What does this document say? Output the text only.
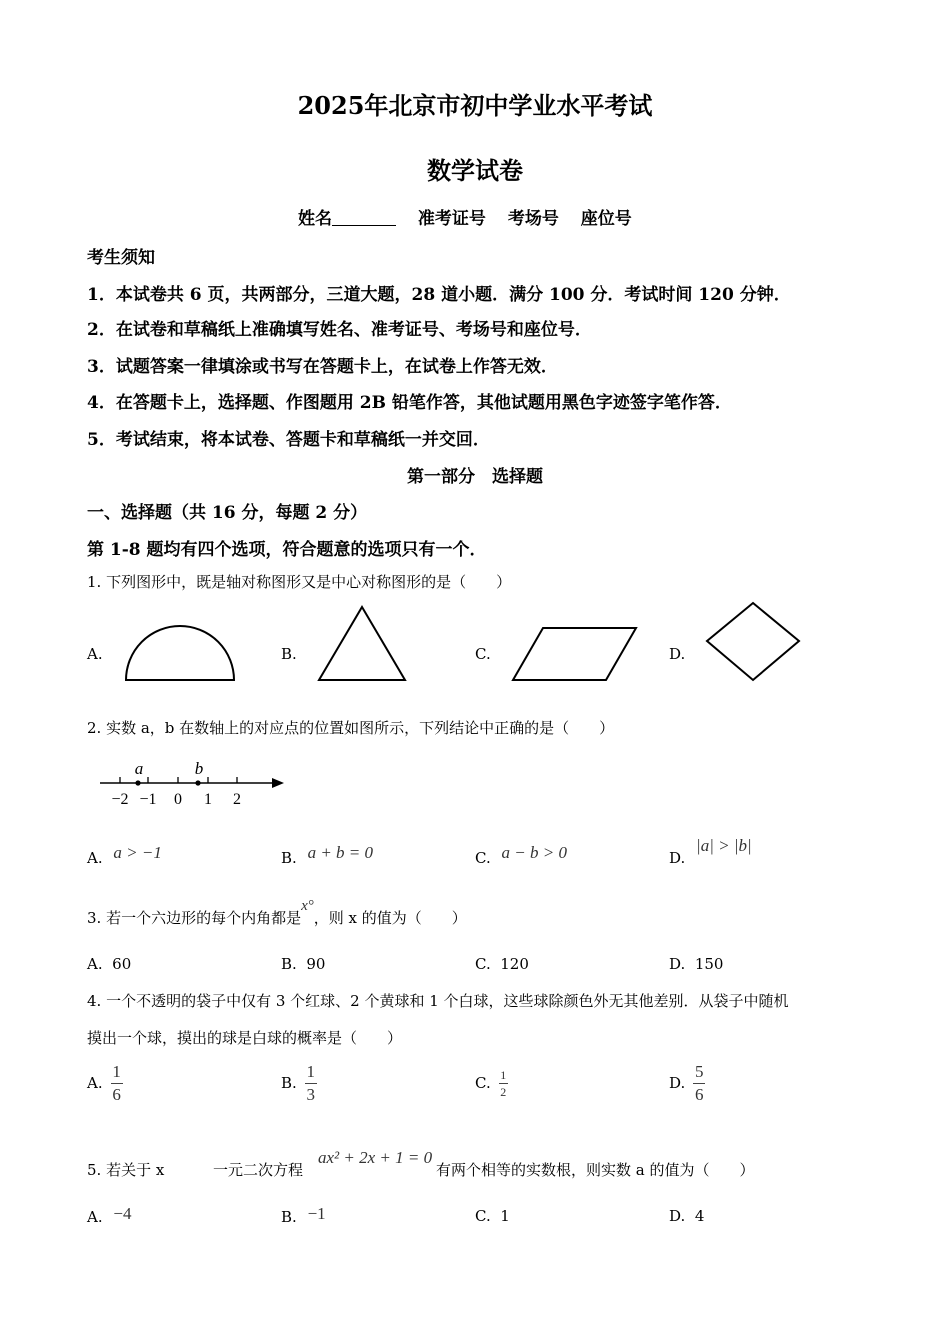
2025年北京市初中学业水平考试
数学试卷
姓名	准考证号 考场号 座位号
考生须知
1．本试卷共 6 页，共两部分，三道大题，28 道小题．满分 100 分．考试时间 120 分钟．
2．在试卷和草稿纸上准确填写姓名、准考证号、考场号和座位号．
3．试题答案一律填涂或书写在答题卡上，在试卷上作答无效．
4．在答题卡上，选择题、作图题用 2B 铅笔作答，其他试题用黑色字迹签字笔作答．
5．考试结束，将本试卷、答题卡和草稿纸一并交回．
第一部分　选择题
一、选择题（共 16 分，每题 2 分）
第 1-8 题均有四个选项，符合题意的选项只有一个．
1. 下列图形中，既是轴对称图形又是中心对称图形的是（　　）
A.	B.	C.	D.
2. 实数 a，b 在数轴上的对应点的位置如图所示，下列结论中正确的是（　　）
−2 −1 0 1 2
a	b
A. a > −1	B. a + b = 0	C. a − b > 0	D. |a| > |b|
3. 若一个六边形的每个内角都是x°，则 x 的值为（　　）
A. 60	B. 90	C. 120	D. 150
4. 一个不透明的袋子中仅有 3 个红球、2 个黄球和 1 个白球，这些球除颜色外无其他差别．从袋子中随机
摸出一个球，摸出的球是白球的概率是（　　）
A. $\frac{1}{6}$	B. $\frac{1}{3}$	C. $\frac{1}{2}$	D. $\frac{5}{6}$
5. 若关于 x	一元二次方程
ax² + 2x + 1 = 0
有两个相等的实数根，则实数 a 的值为（　　）
A. −4	B. −1	C. 1	D. 4
